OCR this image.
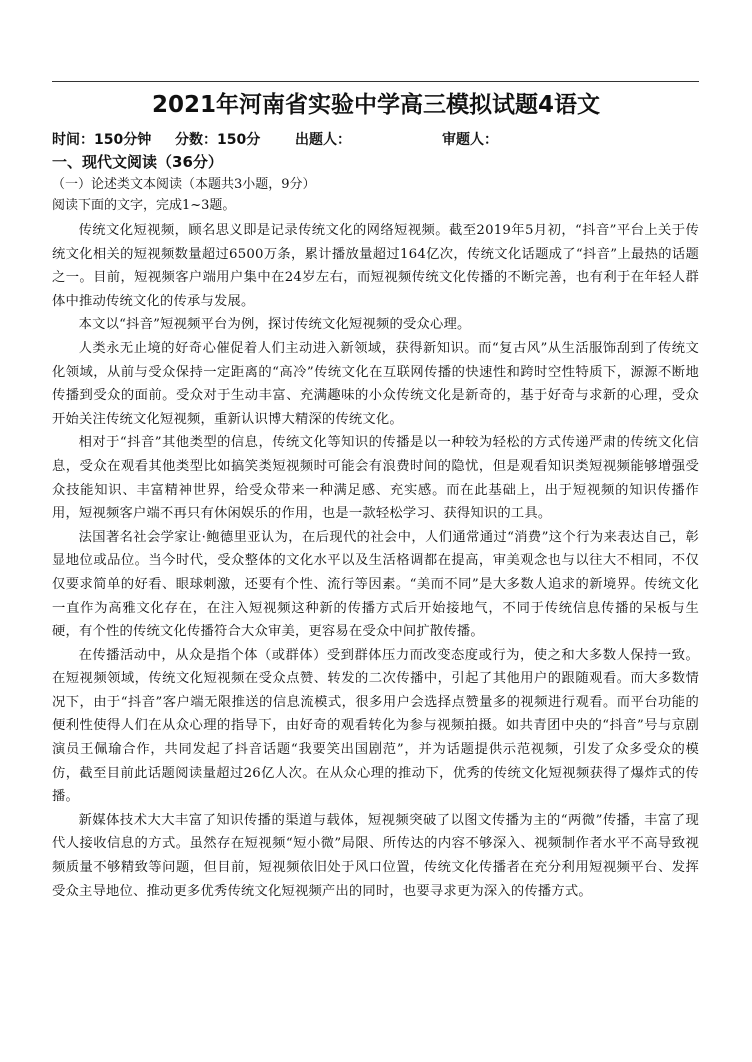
2021年河南省实验中学高三模拟试题4语文
时间：150分钟 分数：150分 出题人：	审题人：
一、现代文阅读（36分）
（一）论述类文本阅读（本题共3小题，9分）
阅读下面的文字，完成1~3题。

传统文化短视频，顾名思义即是记录传统文化的网络短视频。截至2019年5月初，“抖音”平台上关于传统文化相关的短视频数量超过6500万条，累计播放量超过164亿次，传统文化话题成了“抖音”上最热的话题之一。目前，短视频客户端用户集中在24岁左右，而短视频传统文化传播的不断完善，也有利于在年轻人群体中推动传统文化的传承与发展。

本文以“抖音”短视频平台为例，探讨传统文化短视频的受众心理。

人类永无止境的好奇心催促着人们主动进入新领域，获得新知识。而“复古风”从生活服饰刮到了传统文化领域，从前与受众保持一定距离的“高冷”传统文化在互联网传播的快速性和跨时空性特质下，源源不断地传播到受众的面前。受众对于生动丰富、充满趣味的小众传统文化是新奇的，基于好奇与求新的心理，受众开始关注传统文化短视频，重新认识博大精深的传统文化。

相对于“抖音”其他类型的信息，传统文化等知识的传播是以一种较为轻松的方式传递严肃的传统文化信息，受众在观看其他类型比如搞笑类短视频时可能会有浪费时间的隐忧，但是观看知识类短视频能够增强受众技能知识、丰富精神世界，给受众带来一种满足感、充实感。而在此基础上，出于短视频的知识传播作用，短视频客户端不再只有休闲娱乐的作用，也是一款轻松学习、获得知识的工具。

法国著名社会学家让·鲍德里亚认为，在后现代的社会中，人们通常通过“消费”这个行为来表达自己，彰显地位或品位。当今时代，受众整体的文化水平以及生活格调都在提高，审美观念也与以往大不相同，不仅仅要求简单的好看、眼球刺激，还要有个性、流行等因素。“美而不同”是大多数人追求的新境界。传统文化一直作为高雅文化存在，在注入短视频这种新的传播方式后开始接地气，不同于传统信息传播的呆板与生硬，有个性的传统文化传播符合大众审美，更容易在受众中间扩散传播。

在传播活动中，从众是指个体（或群体）受到群体压力而改变态度或行为，使之和大多数人保持一致。在短视频领域，传统文化短视频在受众点赞、转发的二次传播中，引起了其他用户的跟随观看。而大多数情况下，由于“抖音”客户端无限推送的信息流模式，很多用户会选择点赞量多的视频进行观看。而平台功能的便利性使得人们在从众心理的指导下，由好奇的观看转化为参与视频拍摄。如共青团中央的“抖音”号与京剧演员王佩瑜合作，共同发起了抖音话题“我要笑出国剧范”，并为话题提供示范视频，引发了众多受众的模仿，截至目前此话题阅读量超过26亿人次。在从众心理的推动下，优秀的传统文化短视频获得了爆炸式的传播。

新媒体技术大大丰富了知识传播的渠道与载体，短视频突破了以图文传播为主的“两微”传播，丰富了现代人接收信息的方式。虽然存在短视频“短小微”局限、所传达的内容不够深入、视频制作者水平不高导致视频质量不够精致等问题，但目前，短视频依旧处于风口位置，传统文化传播者在充分利用短视频平台、发挥受众主导地位、推动更多优秀传统文化短视频产出的同时，也要寻求更为深入的传播方式。
